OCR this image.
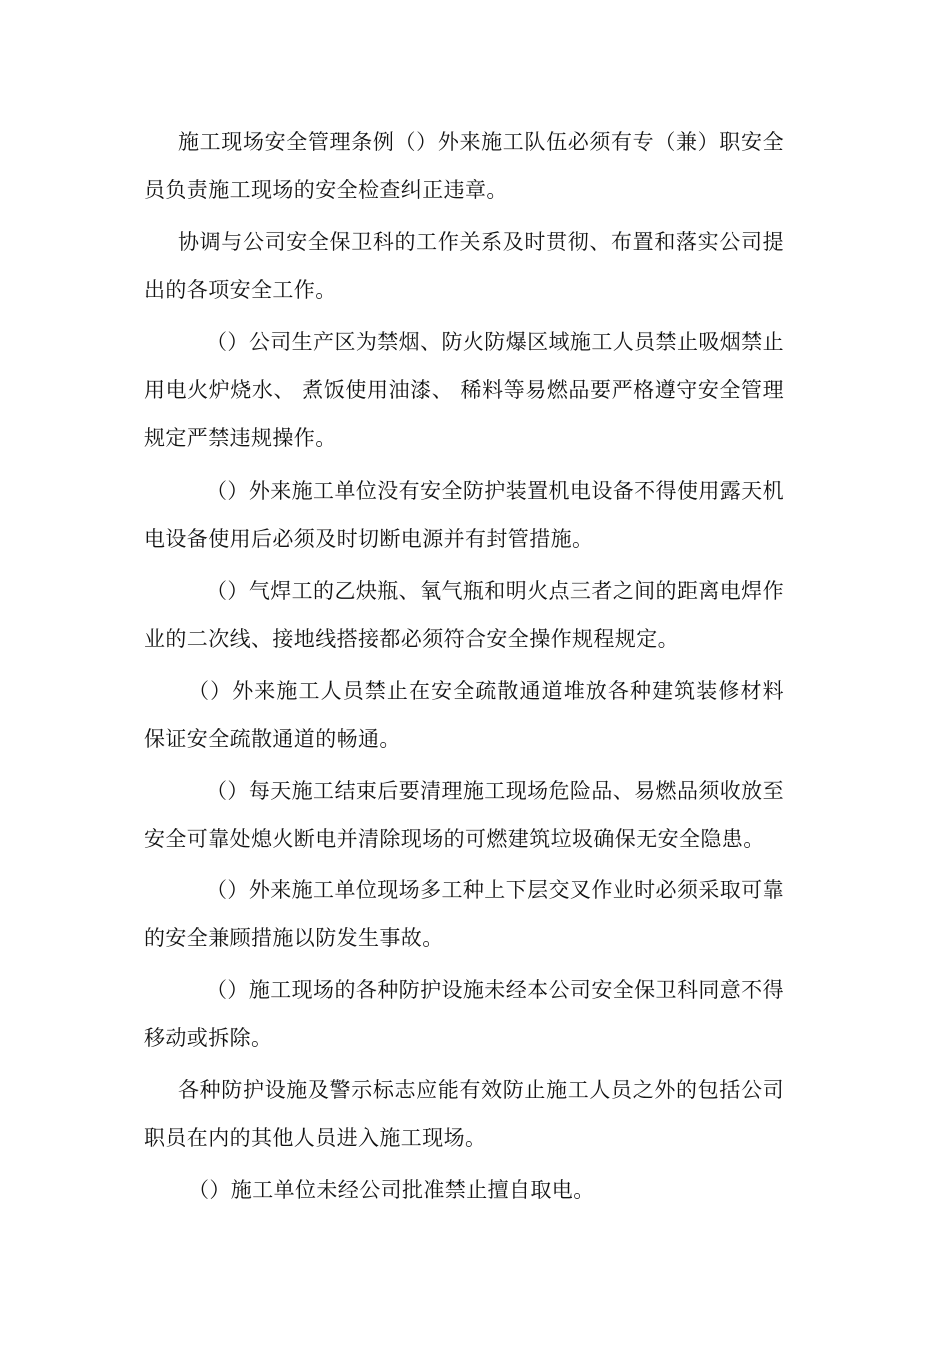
施工现场安全管理条例（）外来施工队伍必须有专（兼）职安全员负责施工现场的安全检查纠正违章。

协调与公司安全保卫科的工作关系及时贯彻、布置和落实公司提出的各项安全工作。

（）公司生产区为禁烟、防火防爆区域施工人员禁止吸烟禁止用电火炉烧水、 煮饭使用油漆、 稀料等易燃品要严格遵守安全管理规定严禁违规操作。

（）外来施工单位没有安全防护装置机电设备不得使用露天机电设备使用后必须及时切断电源并有封管措施。

（）气焊工的乙炔瓶、氧气瓶和明火点三者之间的距离电焊作业的二次线、接地线搭接都必须符合安全操作规程规定。

（）外来施工人员禁止在安全疏散通道堆放各种建筑装修材料保证安全疏散通道的畅通。

（）每天施工结束后要清理施工现场危险品、易燃品须收放至安全可靠处熄火断电并清除现场的可燃建筑垃圾确保无安全隐患。

（）外来施工单位现场多工种上下层交叉作业时必须采取可靠的安全兼顾措施以防发生事故。

（）施工现场的各种防护设施未经本公司安全保卫科同意不得移动或拆除。

各种防护设施及警示标志应能有效防止施工人员之外的包括公司职员在内的其他人员进入施工现场。

（）施工单位未经公司批准禁止擅自取电。
